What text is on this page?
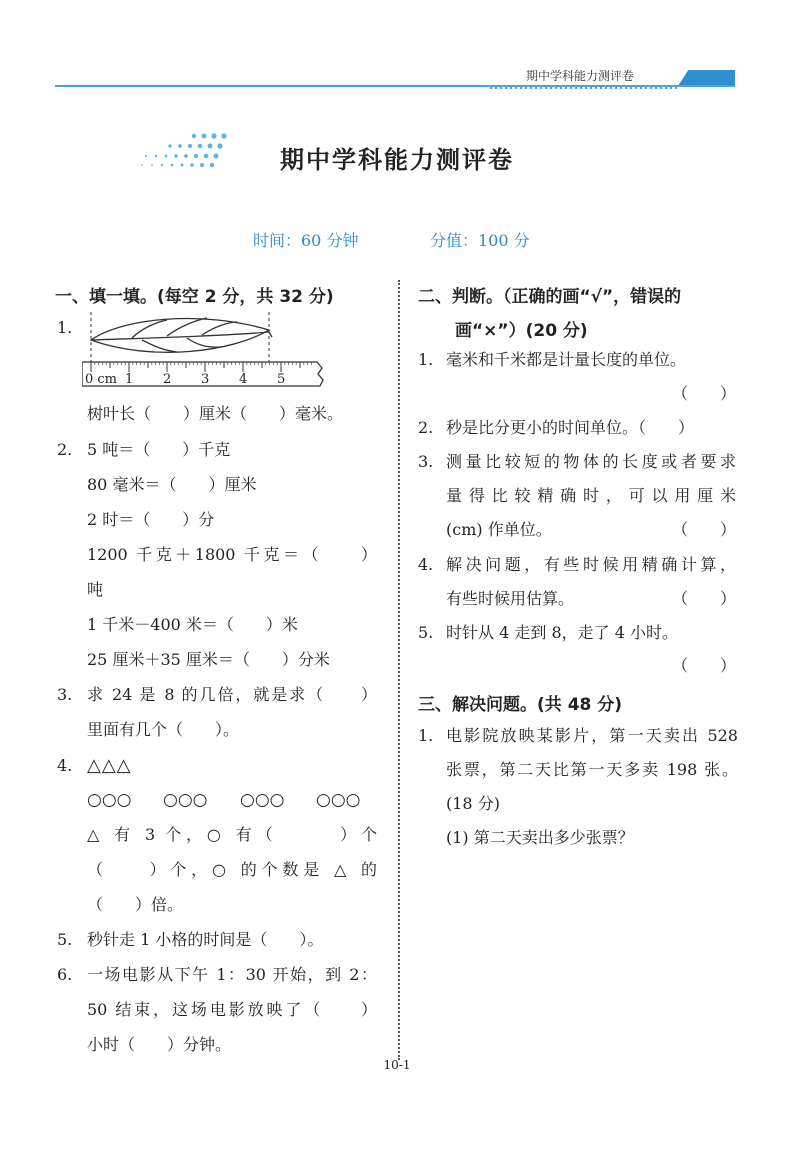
期中学科能力测评卷
期中学科能力测评卷
时间：60 分钟	分值：100 分
一、填一填。(每空 2 分，共 32 分)
1.
0 cm 1 2 3 4 5
树叶长（　　）厘米（　　）毫米。
2. 5 吨＝（　　）千克
80 毫米＝（　　）厘米
2 时＝（　　）分
1200 千克＋1800 千克＝（　　）
吨
1 千米－400 米＝（　　）米
25 厘米＋35 厘米＝（　　）分米
3. 求 24 是 8 的几倍，就是求（　　）
里面有几个（　　）。
4. △△△
○○○ ○○○ ○○○ ○○○
△ 有 3 个，○ 有（　　　）个
（　　）个，○ 的个数是 △ 的
（　　）倍。
5. 秒针走 1 小格的时间是（　　）。
6. 一场电影从下午 1：30 开始，到 2：
50 结束，这场电影放映了（　　）
小时（　　）分钟。
二、判断。（正确的画“√”，错误的
画“×”）(20 分)
1. 毫米和千米都是计量长度的单位。
（　　）
2. 秒是比分更小的时间单位。（　　）
3. 测量比较短的物体的长度或者要求
量得比较精确时，可以用厘米
(cm) 作单位。	（　　）
4. 解决问题，有些时候用精确计算，
有些时候用估算。	（　　）
5. 时针从 4 走到 8，走了 4 小时。
（　　）
三、解决问题。(共 48 分)
1. 电影院放映某影片，第一天卖出 528
张票，第二天比第一天多卖 198 张。
(18 分)
(1) 第二天卖出多少张票？
10-1
